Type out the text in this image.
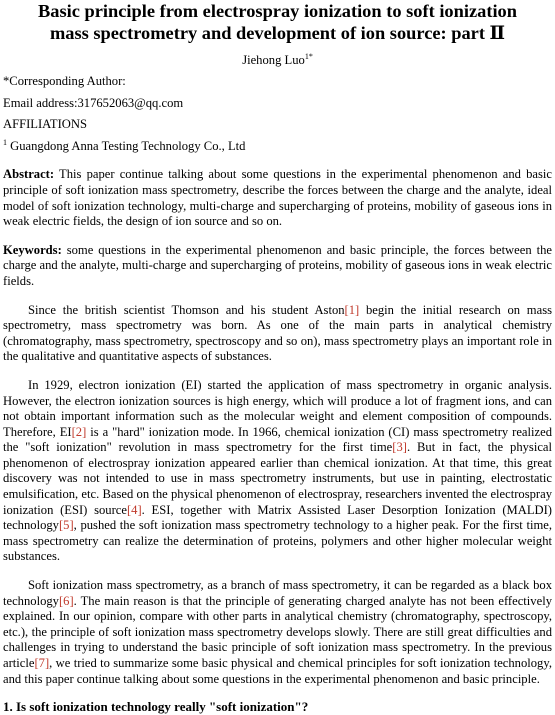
Basic principle from electrospray ionization to soft ionization
mass spectrometry and development of ion source: part Ⅱ
Jiehong Luo$^{1*}$

*Corresponding Author:

Email address:317652063@qq.com

AFFILIATIONS

$^1$ Guangdong Anna Testing Technology Co., Ltd

Abstract: This paper continue talking about some questions in the experimental phenomenon and basic principle of soft ionization mass spectrometry, describe the forces between the charge and the analyte, ideal model of soft ionization technology, multi-charge and supercharging of proteins, mobility of gaseous ions in weak electric fields, the design of ion source and so on.

Keywords: some questions in the experimental phenomenon and basic principle, the forces between the charge and the analyte, multi-charge and supercharging of proteins, mobility of gaseous ions in weak electric fields.

Since the british scientist Thomson and his student Aston[1] begin the initial research on mass spectrometry, mass spectrometry was born. As one of the main parts in analytical chemistry (chromatography, mass spectrometry, spectroscopy and so on), mass spectrometry plays an important role in the qualitative and quantitative aspects of substances.

In 1929, electron ionization (EI) started the application of mass spectrometry in organic analysis. However, the electron ionization sources is high energy, which will produce a lot of fragment ions, and can not obtain important information such as the molecular weight and element composition of compounds. Therefore, EI[2] is a "hard" ionization mode. In 1966, chemical ionization (CI) mass spectrometry realized the "soft ionization" revolution in mass spectrometry for the first time[3]. But in fact, the physical phenomenon of electrospray ionization appeared earlier than chemical ionization. At that time, this great discovery was not intended to use in mass spectrometry instruments, but use in painting, electrostatic emulsification, etc. Based on the physical phenomenon of electrospray, researchers invented the electrospray ionization (ESI) source[4]. ESI, together with Matrix Assisted Laser Desorption Ionization (MALDI) technology[5], pushed the soft ionization mass spectrometry technology to a higher peak. For the first time, mass spectrometry can realize the determination of proteins, polymers and other higher molecular weight substances.

Soft ionization mass spectrometry, as a branch of mass spectrometry, it can be regarded as a black box technology[6]. The main reason is that the principle of generating charged analyte has not been effectively explained. In our opinion, compare with other parts in analytical chemistry (chromatography, spectroscopy, etc.), the principle of soft ionization mass spectrometry develops slowly. There are still great difficulties and challenges in trying to understand the basic principle of soft ionization mass spectrometry. In the previous article[7], we tried to summarize some basic physical and chemical principles for soft ionization technology, and this paper continue talking about some questions in the experimental phenomenon and basic principle.

1. Is soft ionization technology really "soft ionization"?
